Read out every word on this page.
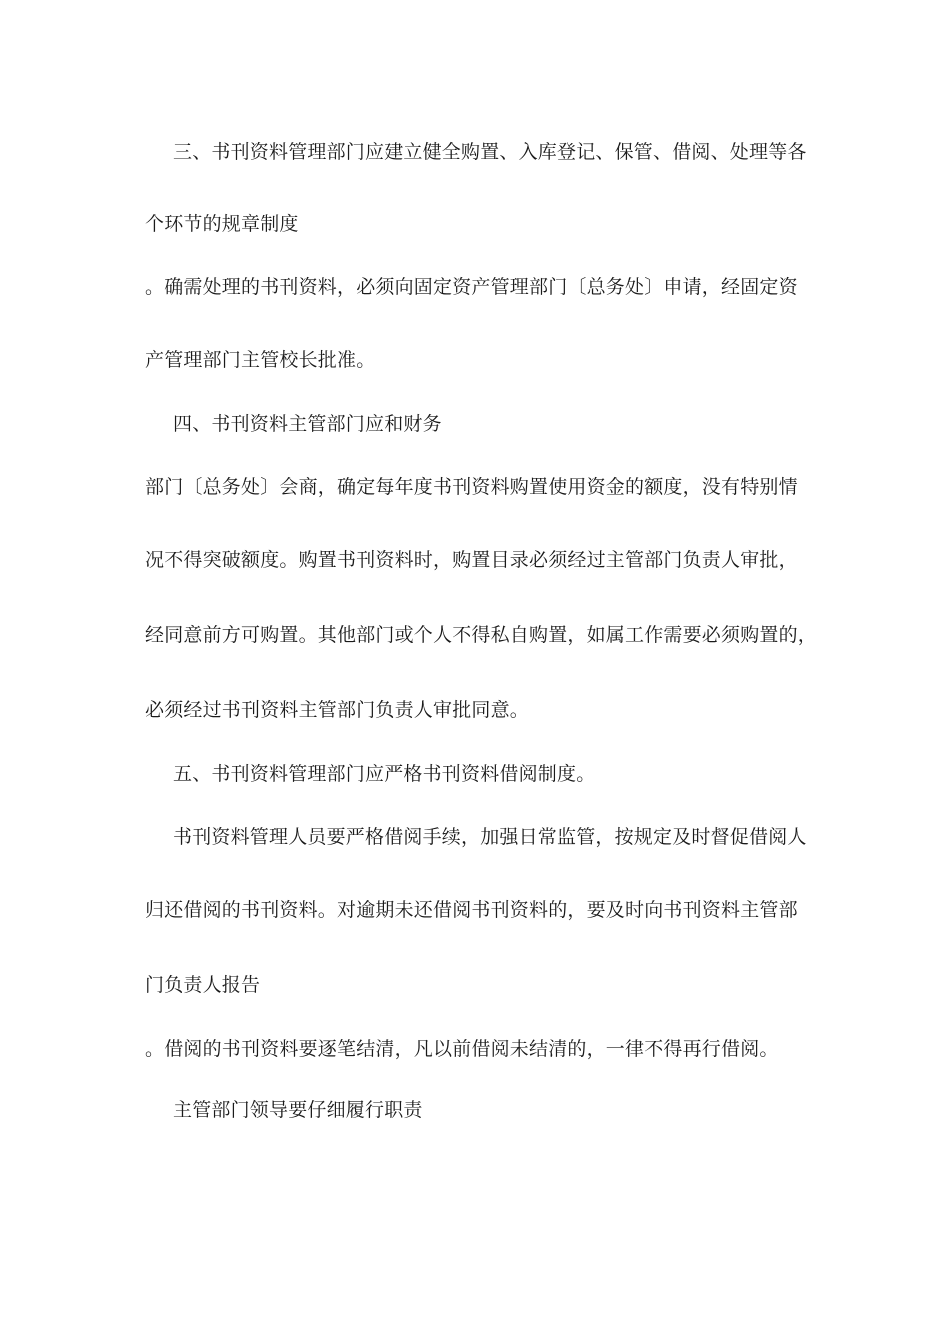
三、书刊资料管理部门应建立健全购置、入库登记、保管、借阅、处理等各
个环节的规章制度
。确需处理的书刊资料，必须向固定资产管理部门〔总务处〕申请，经固定资
产管理部门主管校长批准。
四、书刊资料主管部门应和财务
部门〔总务处〕会商，确定每年度书刊资料购置使用资金的额度，没有特别情
况不得突破额度。购置书刊资料时，购置目录必须经过主管部门负责人审批，
经同意前方可购置。其他部门或个人不得私自购置，如属工作需要必须购置的，
必须经过书刊资料主管部门负责人审批同意。
五、书刊资料管理部门应严格书刊资料借阅制度。
书刊资料管理人员要严格借阅手续，加强日常监管，按规定及时督促借阅人
归还借阅的书刊资料。对逾期未还借阅书刊资料的，要及时向书刊资料主管部
门负责人报告
。借阅的书刊资料要逐笔结清，凡以前借阅未结清的，一律不得再行借阅。
主管部门领导要仔细履行职责
